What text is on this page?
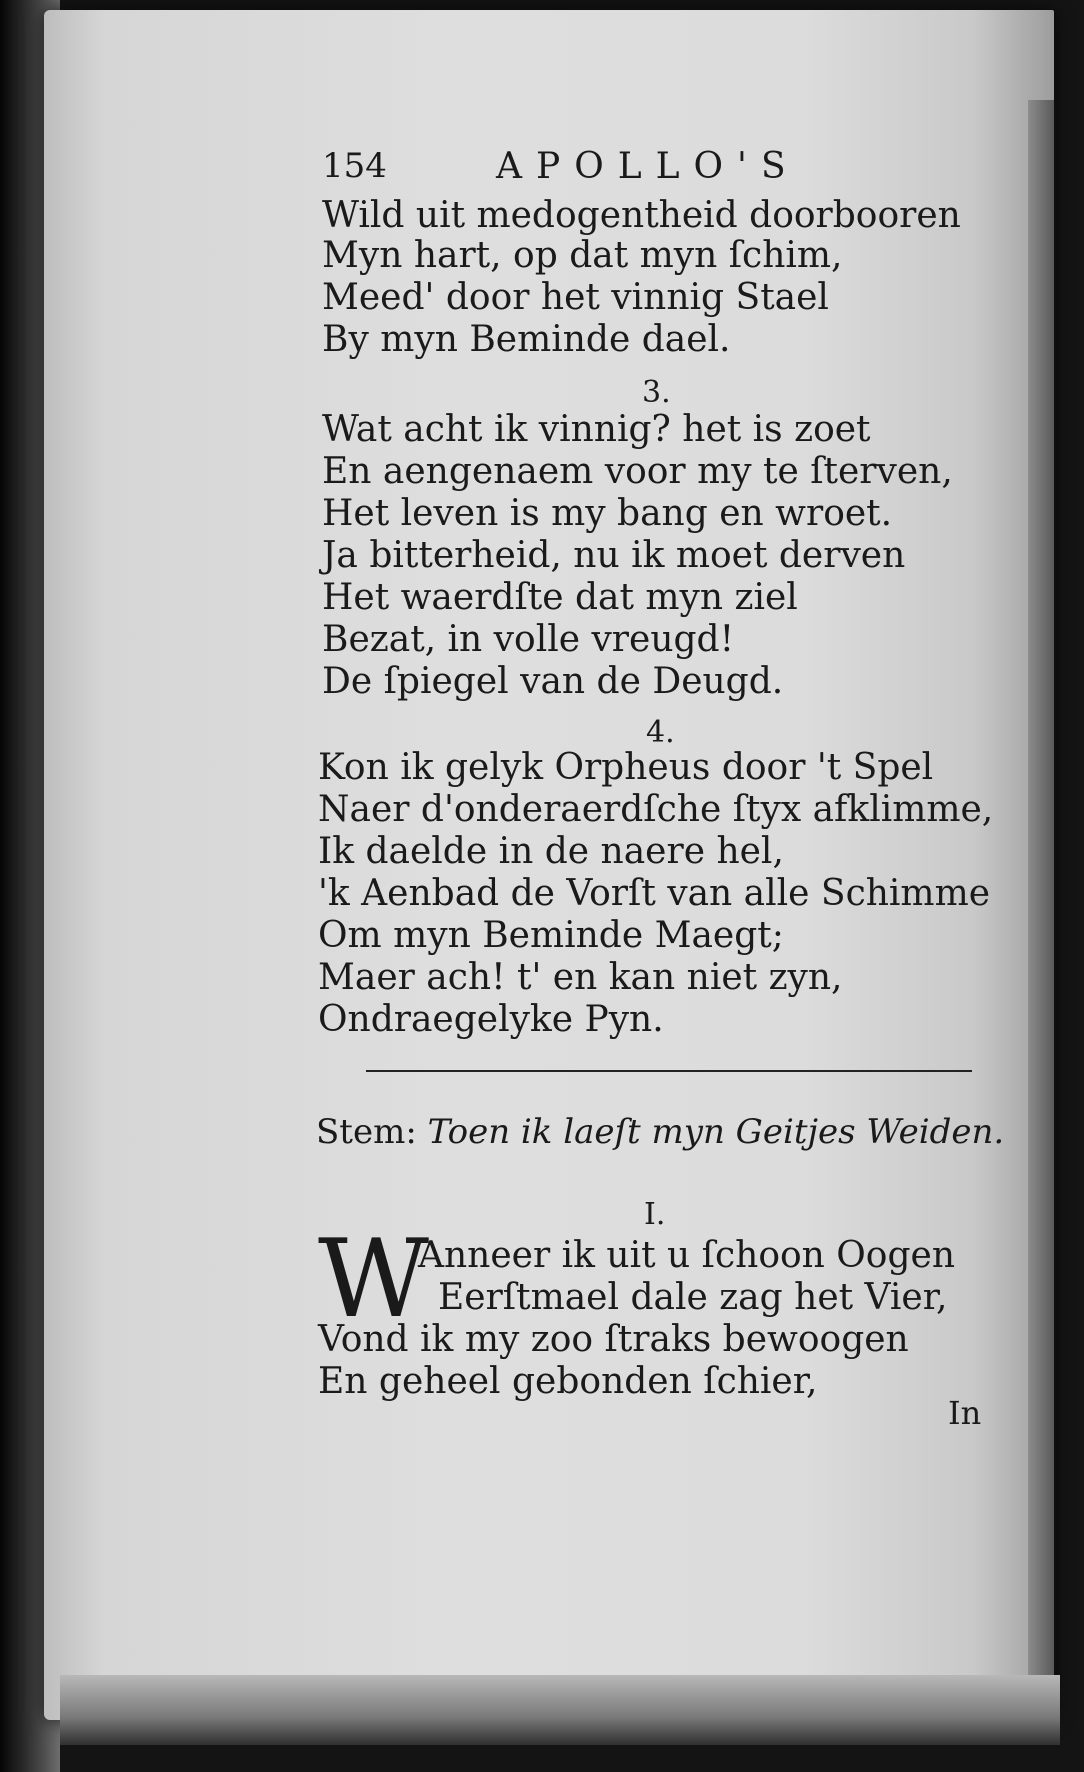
154	APOLLO'S
Wild uit medogentheid doorbooren
Myn hart, op dat myn ſchim,
Meed' door het vinnig Stael
By myn Beminde dael.
3.
Wat acht ik vinnig? het is zoet
En aengenaem voor my te ſterven,
Het leven is my bang en wroet.
Ja bitterheid, nu ik moet derven
Het waerdſte dat myn ziel
Bezat, in volle vreugd!
De ſpiegel van de Deugd.
4.
Kon ik gelyk Orpheus door 't Spel
Naer d'onderaerdſche ſtyx afklimme,
Ik daelde in de naere hel,
'k Aenbad de Vorſt van alle Schimme
Om myn Beminde Maegt;
Maer ach! t' en kan niet zyn,
Ondraegelyke Pyn.
Stem: Toen ik laeſt myn Geitjes Weiden.
I.
W
Anneer ik uit u ſchoon Oogen
Eerſtmael dale zag het Vier,
Vond ik my zoo ſtraks bewoogen
En geheel gebonden ſchier,
In
